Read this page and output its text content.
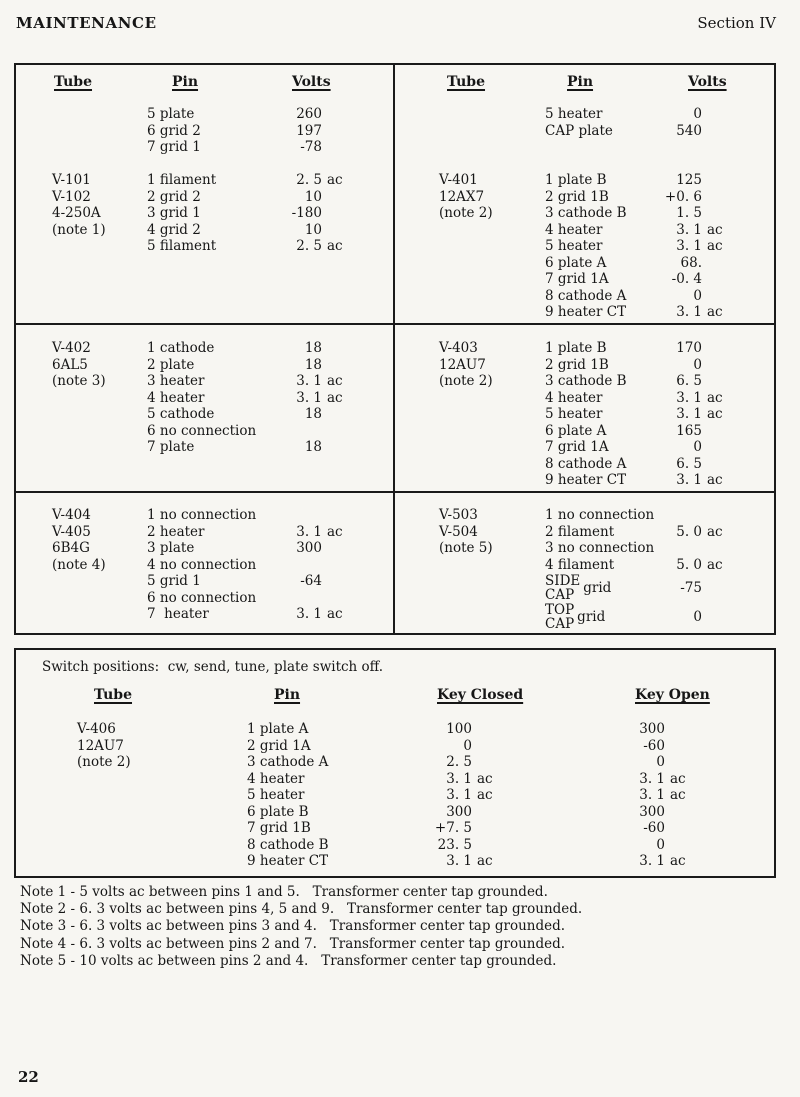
MAINTENANCE	Section IV
Tube	Pin	Volts
5 plate	260
6 grid 2	197
7 grid 1	-78
V-101	1 filament	2. 5 ac
V-102	2 grid 2	10
4-250A	3 grid 1	-180
(note 1)	4 grid 2	10
5 filament	2. 5 ac
Tube	Pin	Volts
5 heater	0
CAP plate	540
V-401	1 plate B	125
12AX7	2 grid 1B	+0. 6
(note 2)	3 cathode B	1. 5
4 heater	3. 1 ac
5 heater	3. 1 ac
6 plate A	68.
7 grid 1A	-0. 4
8 cathode A	0
9 heater CT	3. 1 ac
V-402	1 cathode	18
6AL5	2 plate	18
(note 3)	3 heater	3. 1 ac
4 heater	3. 1 ac
5 cathode	18
6 no connection
7 plate	18
V-403	1 plate B	170
12AU7	2 grid 1B	0
(note 2)	3 cathode B	6. 5
4 heater	3. 1 ac
5 heater	3. 1 ac
6 plate A	165
7 grid 1A	0
8 cathode A	6. 5
9 heater CT	3. 1 ac
V-404	1 no connection
V-405	2 heater	3. 1 ac
6B4G	3 plate	300
(note 4)	4 no connection
5 grid 1	-64
6 no connection
7  heater	3. 1 ac
V-503	1 no connection
V-504	2 filament	5. 0 ac
(note 5)	3 no connection
4 filament	5. 0 ac
SIDE
CAP grid	-75
TOP
CAP grid	0
Switch positions:  cw, send, tune, plate switch off.
Tube	Pin	Key Closed	Key Open
V-406	1 plate A	100	300
12AU7	2 grid 1A	0	-60
(note 2)	3 cathode A	2. 5	0
4 heater	3. 1 ac	3. 1 ac
5 heater	3. 1 ac	3. 1 ac
6 plate B	300	300
7 grid 1B	+7. 5	-60
8 cathode B	23. 5	0
9 heater CT	3. 1 ac	3. 1 ac
Note 1 - 5 volts ac between pins 1 and 5.   Transformer center tap grounded.
Note 2 - 6. 3 volts ac between pins 4, 5 and 9.   Transformer center tap grounded.
Note 3 - 6. 3 volts ac between pins 3 and 4.   Transformer center tap grounded.
Note 4 - 6. 3 volts ac between pins 2 and 7.   Transformer center tap grounded.
Note 5 - 10 volts ac between pins 2 and 4.   Transformer center tap grounded.
22
